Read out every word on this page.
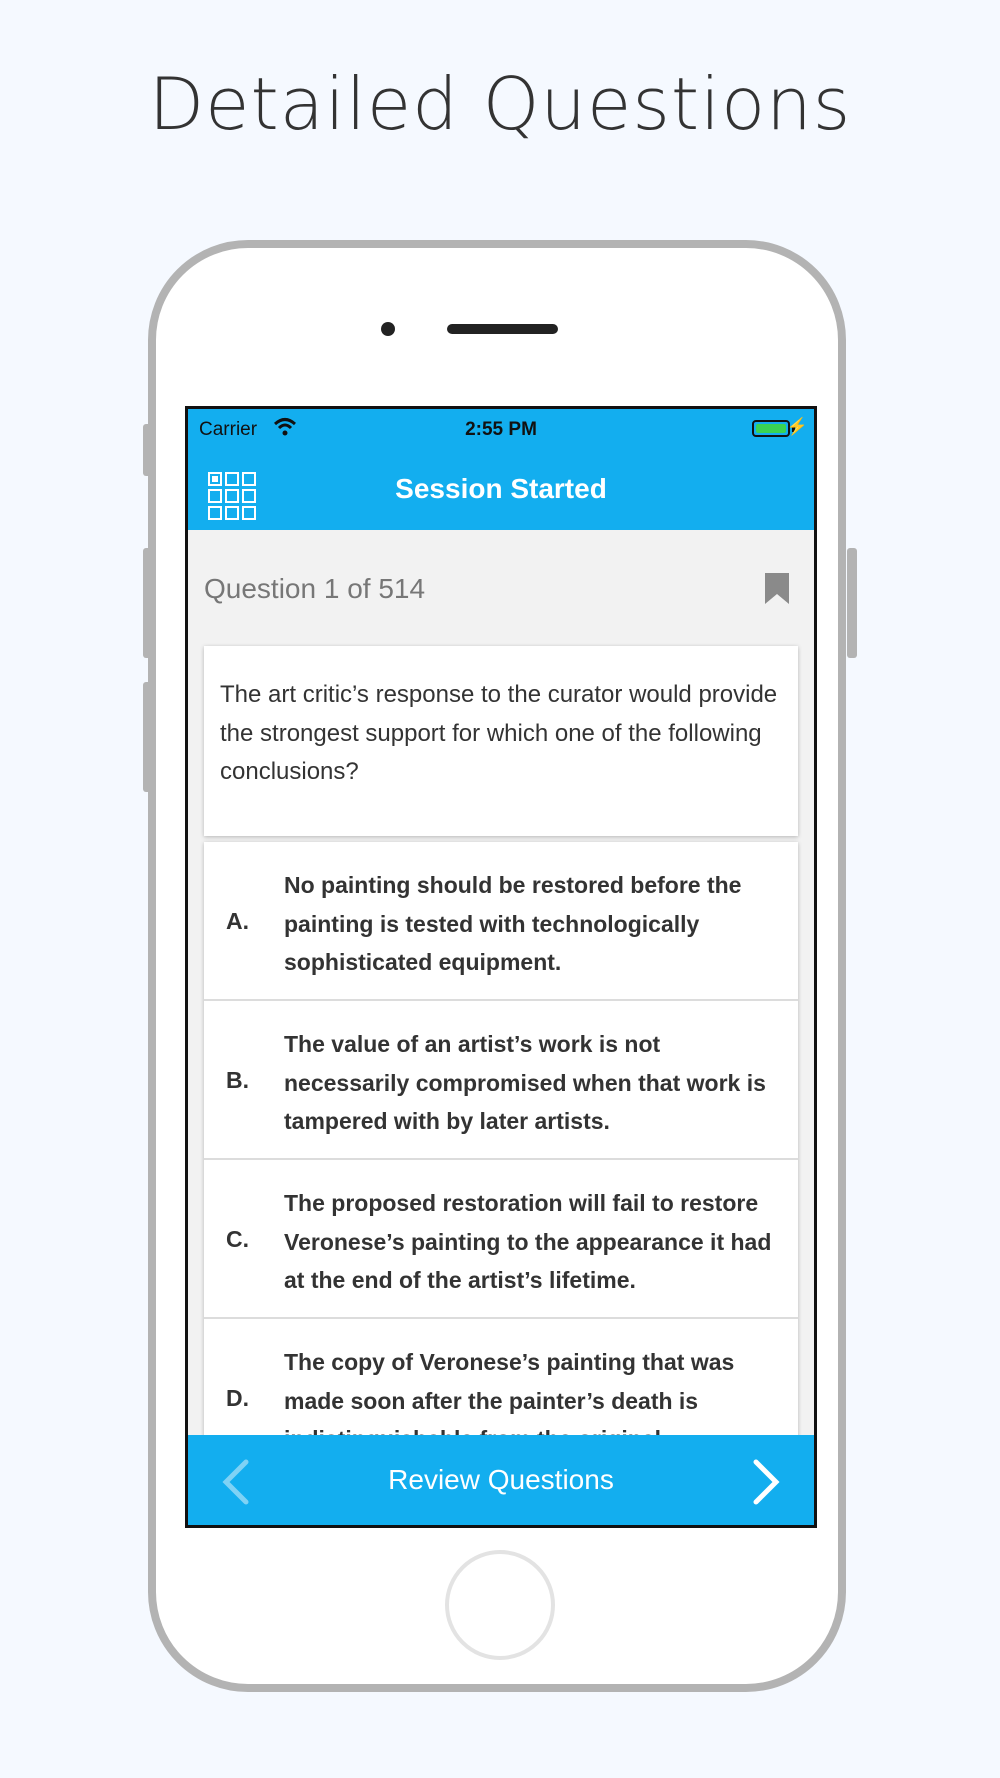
Detailed Questions
Carrier	2:55 PM	⚡
Session Started
Question 1 of 514
The art critic’s response to the curator would provide the strongest support for which one of the following conclusions?
A.
No painting should be restored before the painting is tested with technologically sophisticated equipment.
B.
The value of an artist’s work is not necessarily compromised when that work is tampered with by later artists.
C.
The proposed restoration will fail to restore Veronese’s painting to the appearance it had at the end of the artist’s lifetime.
D.
The copy of Veronese’s painting that was made soon after the painter’s death is
Review Questions
